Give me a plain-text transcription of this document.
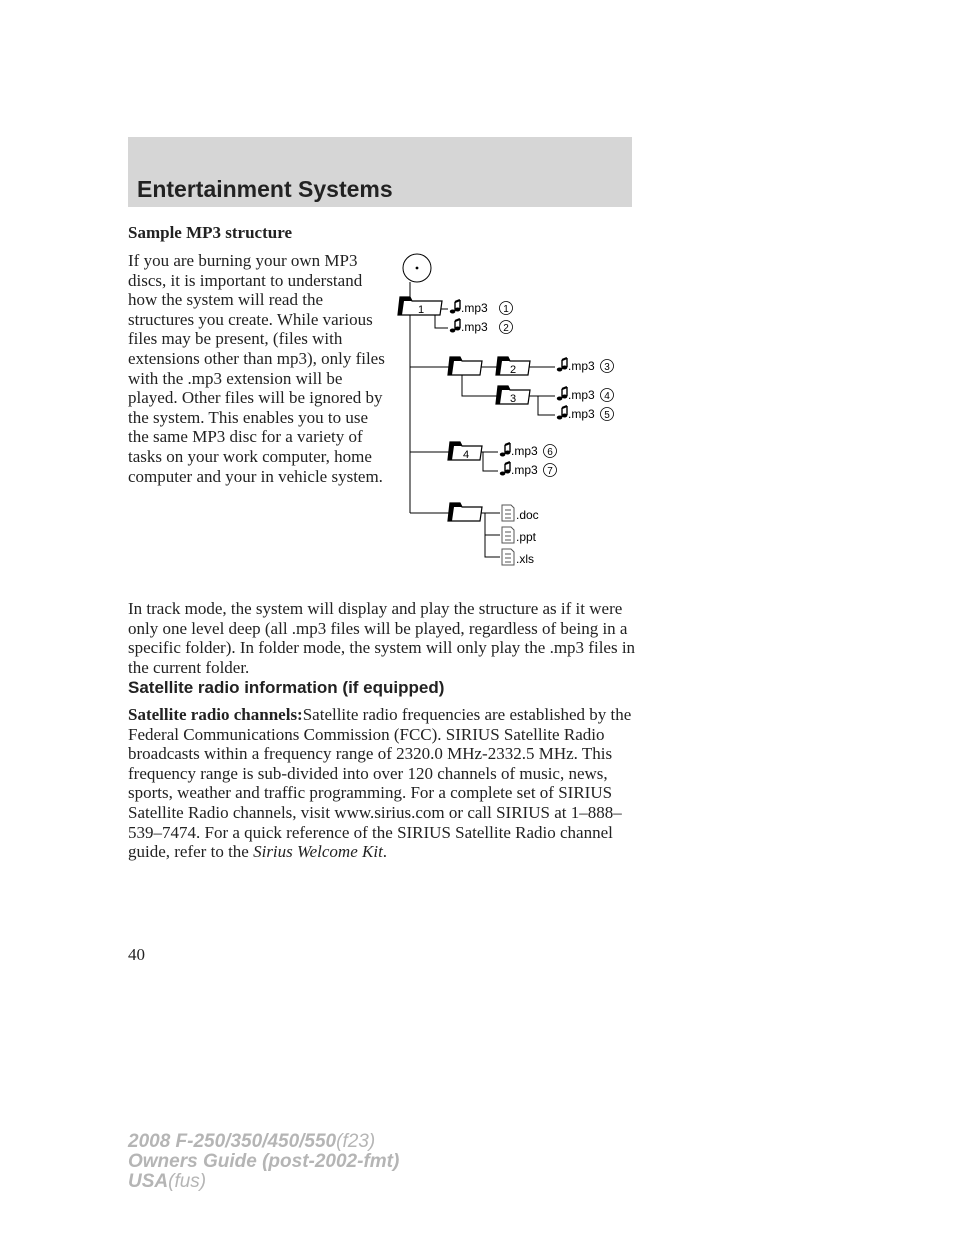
Entertainment Systems
Sample MP3 structure
If you are burning your own MP3 discs, it is important to understand how the system will read the structures you create. While various files may be present, (files with extensions other than mp3), only files with the .mp3 extension will be played. Other files will be ignored by the system. This enables you to use the same MP3 disc for a variety of tasks on your work computer, home computer and your in vehicle system.
1
2
3
4
.mp3 1
.mp3 2
.mp3 3
.mp3 4
.mp3 5
.mp3 6
.mp3 7
.doc
.ppt
.xls
In track mode, the system will display and play the structure as if it were only one level deep (all .mp3 files will be played, regardless of being in a specific folder). In folder mode, the system will only play the .mp3 files in the current folder.
Satellite radio information (if equipped)
Satellite radio channels:Satellite radio frequencies are established by the Federal Communications Commission (FCC). SIRIUS Satellite Radio broadcasts within a frequency range of 2320.0 MHz-2332.5 MHz. This frequency range is sub-divided into over 120 channels of music, news, sports, weather and traffic programming. For a complete set of SIRIUS Satellite Radio channels, visit www.sirius.com or call SIRIUS at 1–888–539–7474. For a quick reference of the SIRIUS Satellite Radio channel guide, refer to the Sirius Welcome Kit.
40
2008 F-250/350/450/550(f23)
Owners Guide (post-2002-fmt)
USA(fus)
